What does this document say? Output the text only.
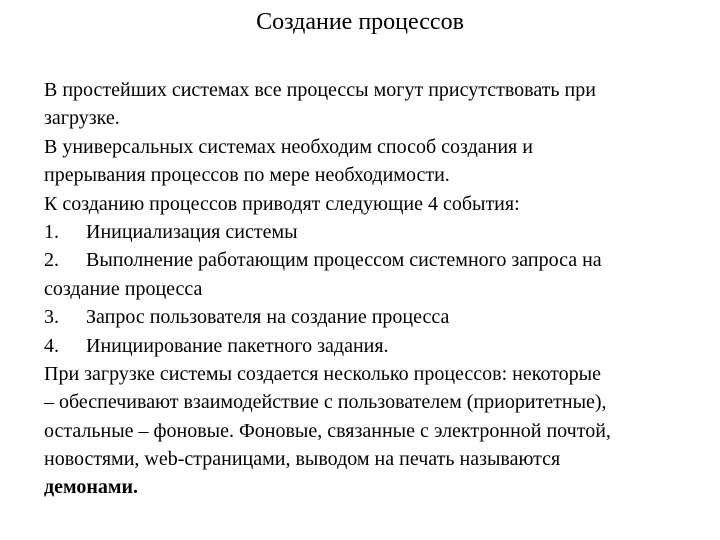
Создание процессов
В простейших системах все процессы могут присутствовать при
загрузке.
В универсальных системах необходим способ создания и
прерывания процессов по мере необходимости.
К созданию процессов приводят следующие 4 события:
1. Инициализация системы
2. Выполнение работающим процессом системного запроса на
создание процесса
3. Запрос пользователя на создание процесса
4. Инициирование пакетного задания.
При загрузке системы создается несколько процессов: некоторые
– обеспечивают взаимодействие с пользователем (приоритетные),
остальные – фоновые. Фоновые, связанные с электронной почтой,
новостями, web-страницами, выводом на печать называются
демонами.
